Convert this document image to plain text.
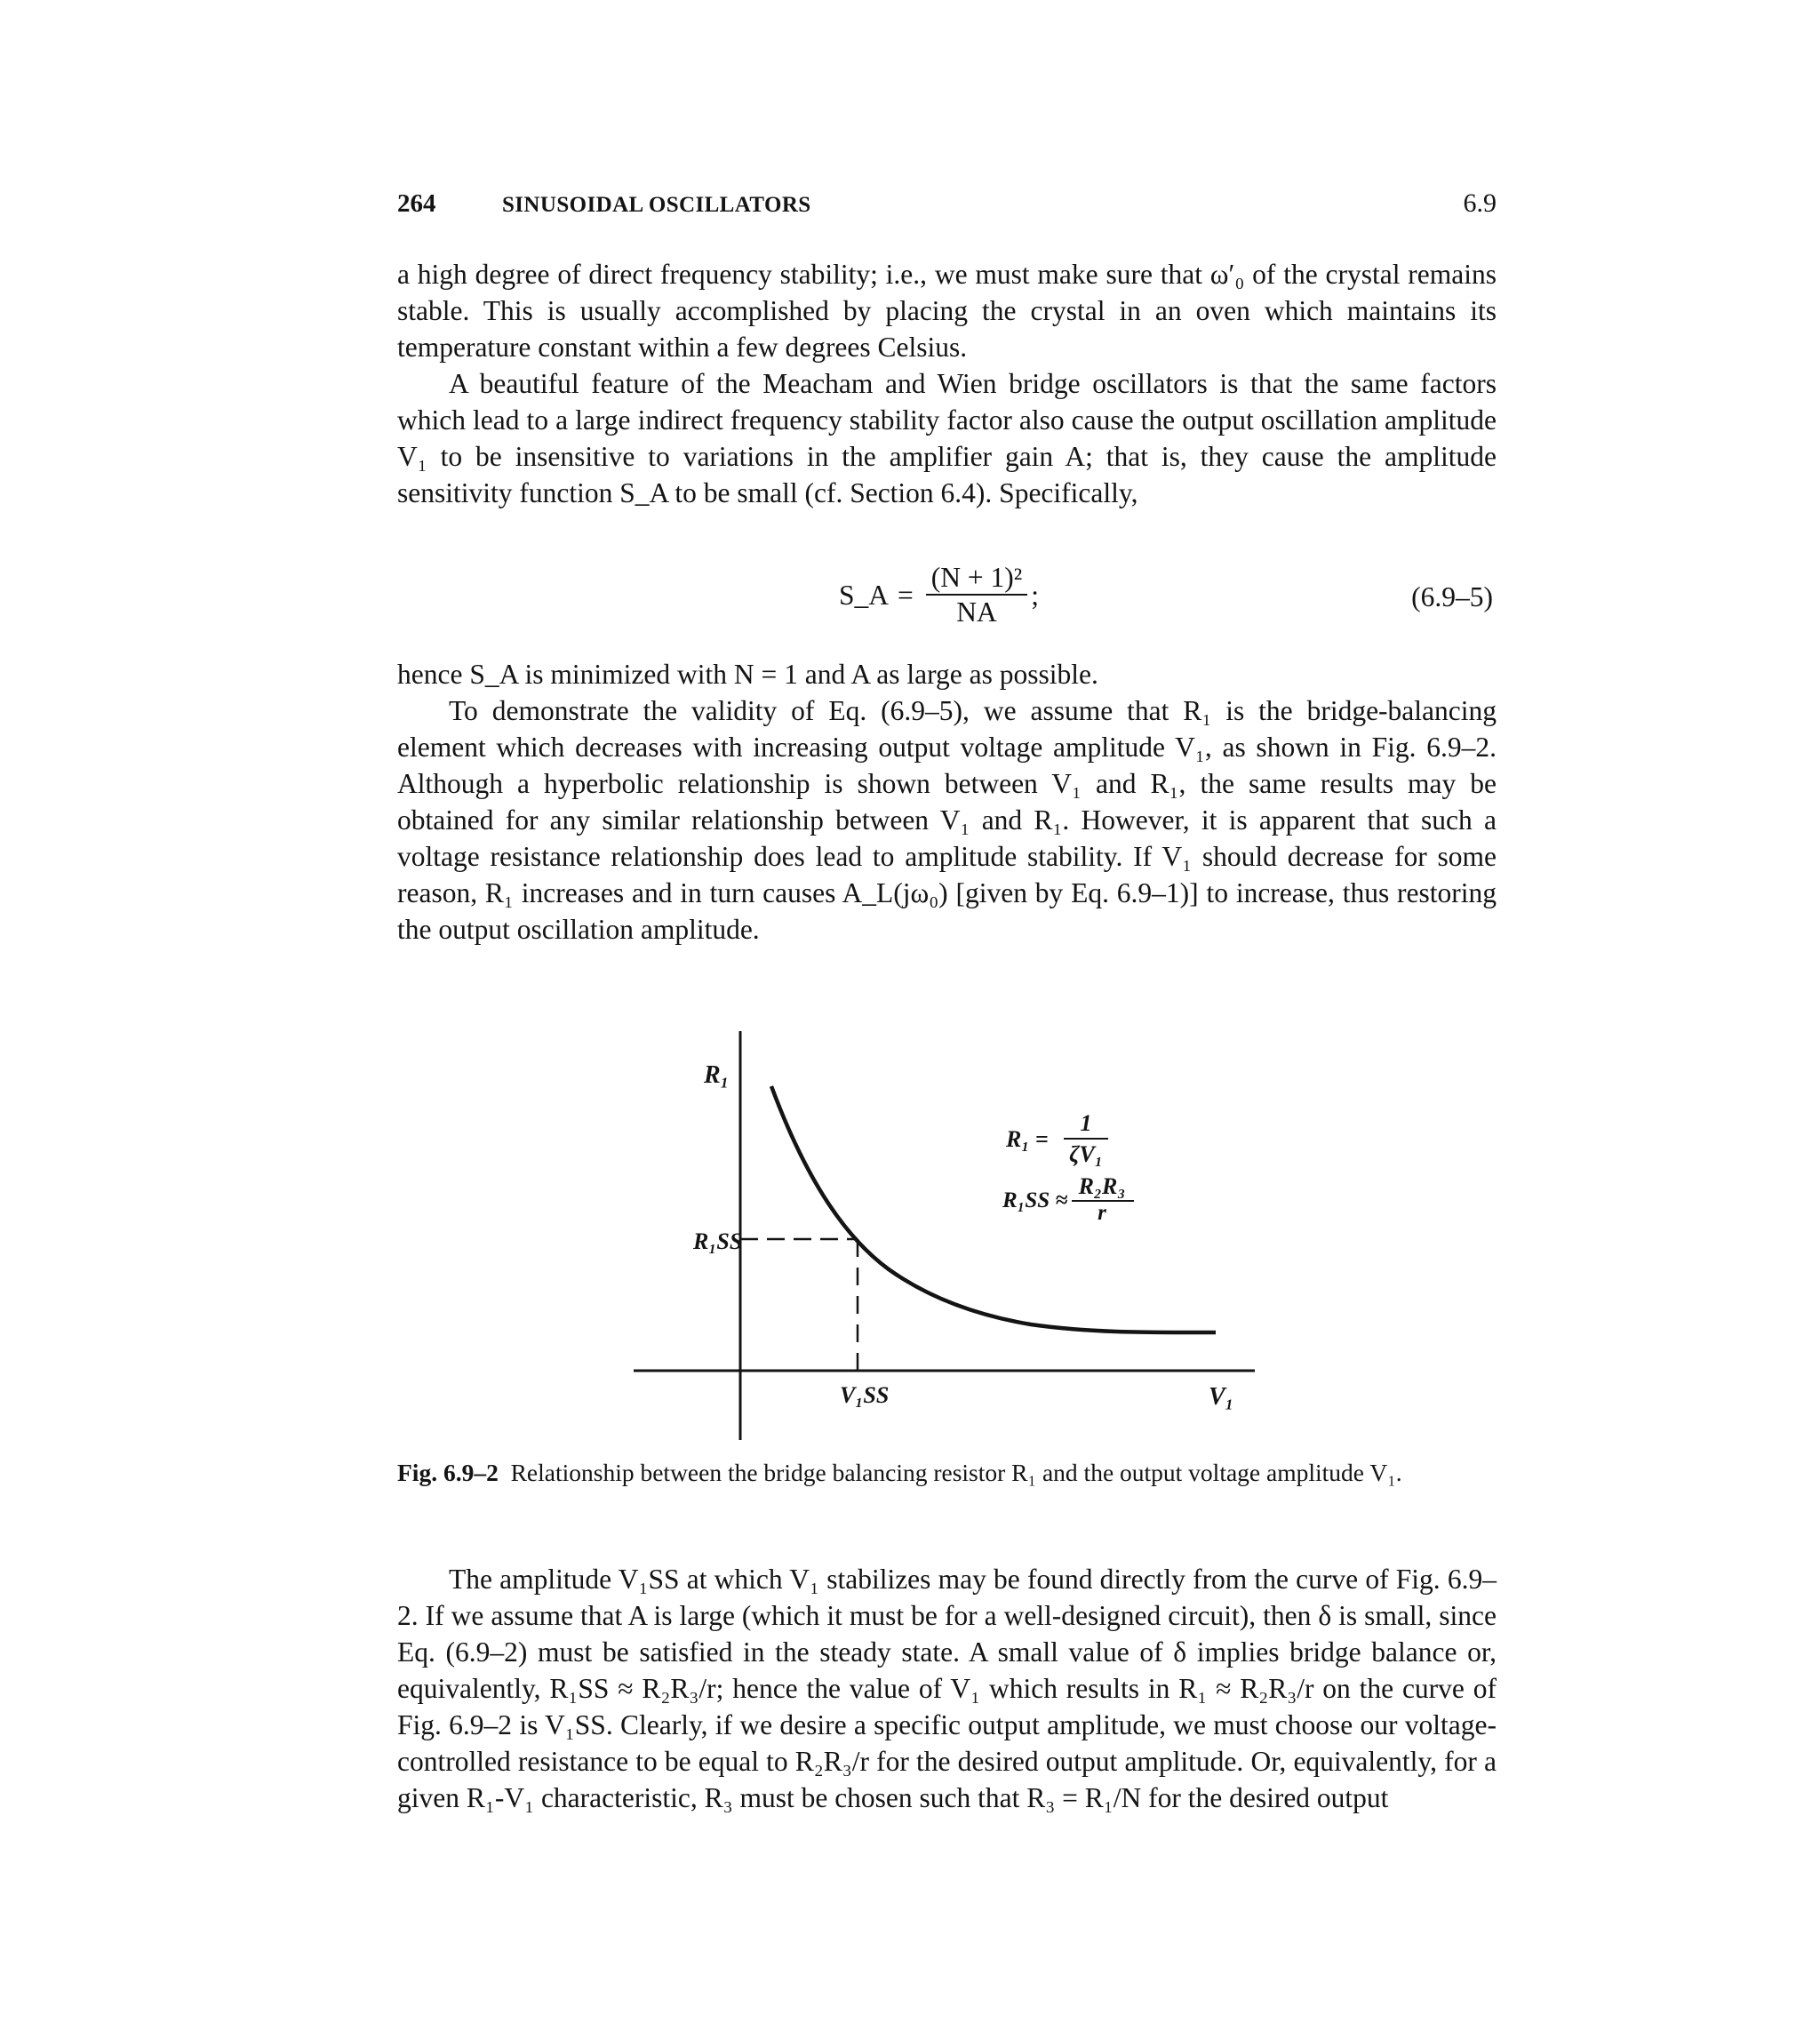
264	SINUSOIDAL OSCILLATORS	6.9

a high degree of direct frequency stability; i.e., we must make sure that ω′₀ of the crystal remains stable. This is usually accomplished by placing the crystal in an oven which maintains its temperature constant within a few degrees Celsius.

A beautiful feature of the Meacham and Wien bridge oscillators is that the same factors which lead to a large indirect frequency stability factor also cause the output oscillation amplitude V₁ to be insensitive to variations in the amplifier gain A; that is, they cause the amplitude sensitivity function S_A to be small (cf. Section 6.4). Specifically,

S_A = $\frac{\text{(N + 1)²}}{NA}$ ;	(6.9–5)

hence S_A is minimized with N = 1 and A as large as possible.

To demonstrate the validity of Eq. (6.9–5), we assume that R₁ is the bridge-balancing element which decreases with increasing output voltage amplitude V₁, as shown in Fig. 6.9–2. Although a hyperbolic relationship is shown between V₁ and R₁, the same results may be obtained for any similar relationship between V₁ and R₁. However, it is apparent that such a voltage resistance relationship does lead to amplitude stability. If V₁ should decrease for some reason, R₁ increases and in turn causes A_L(jω₀) [given by Eq. 6.9–1)] to increase, thus restoring the output oscillation amplitude.

R₁
V₁
R₁SS
V₁SS
R₁ =
1
ζV₁
R₁SS ≈
R₂R₃
r
Fig. 6.9–2 Relationship between the bridge balancing resistor R₁ and the output voltage amplitude V₁.

The amplitude V₁SS at which V₁ stabilizes may be found directly from the curve of Fig. 6.9–2. If we assume that A is large (which it must be for a well-designed circuit), then δ is small, since Eq. (6.9–2) must be satisfied in the steady state. A small value of δ implies bridge balance or, equivalently, R₁SS ≈ R₂R₃/r; hence the value of V₁ which results in R₁ ≈ R₂R₃/r on the curve of Fig. 6.9–2 is V₁SS. Clearly, if we desire a specific output amplitude, we must choose our voltage-controlled resistance to be equal to R₂R₃/r for the desired output amplitude. Or, equivalently, for a given R₁-V₁ characteristic, R₃ must be chosen such that R₃ = R₁/N for the desired output
